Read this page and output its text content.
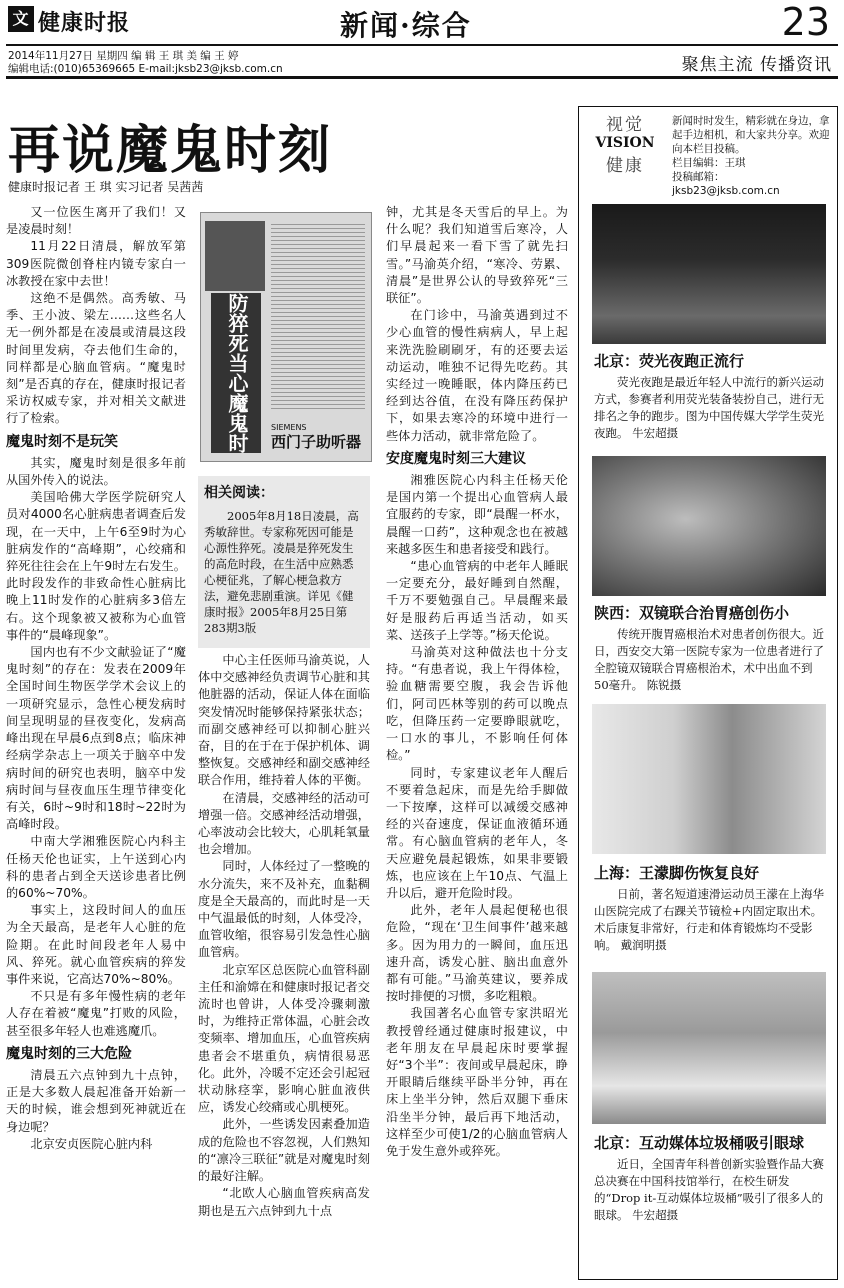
文 健康时报	新闻·综合	23
2014年11月27日 星期四 编 辑 王 琪 美 编 王 婷
编辑电话:(010)65369665 E-mail:jksb23@jksb.com.cn	聚焦主流 传播资讯
再说魔鬼时刻
健康时报记者 王 琪 实习记者 吴茜茜

又一位医生离开了我们！又是凌晨时刻！

11月22日清晨，解放军第309医院微创脊柱内镜专家白一冰教授在家中去世！

这绝不是偶然。高秀敏、马季、王小波、梁左……这些名人无一例外都是在凌晨或清晨这段时间里发病，夺去他们生命的，同样都是心脑血管病。“魔鬼时刻”是否真的存在，健康时报记者采访权威专家，并对相关文献进行了检索。

魔鬼时刻不是玩笑

其实，魔鬼时刻是很多年前从国外传入的说法。

美国哈佛大学医学院研究人员对4000名心脏病患者调查后发现，在一天中，上午6至9时为心脏病发作的“高峰期”，心绞痛和猝死往往会在上午9时左右发生。此时段发作的非致命性心脏病比晚上11时发作的心脏病多3倍左右。这个现象被又被称为心血管事件的“晨峰现象”。

国内也有不少文献验证了“魔鬼时刻”的存在：发表在2009年全国时间生物医学学术会议上的一项研究显示，急性心梗发病时间呈现明显的昼夜变化，发病高峰出现在早晨6点到8点；临床神经病学杂志上一项关于脑卒中发病时间的研究也表明，脑卒中发病时间与昼夜血压生理节律变化有关，6时~9时和18时~22时为高峰时段。

中南大学湘雅医院心内科主任杨天伦也证实，上午送到心内科的患者占到全天送诊患者比例的60%~70%。

事实上，这段时间人的血压为全天最高，是老年人心脏的危险期。在此时间段老年人易中风、猝死。就心血管疾病的猝发事件来说，它高达70%~80%。

不只是有多年慢性病的老年人存在着被“魔鬼”打败的风险，甚至很多年轻人也难逃魔爪。

魔鬼时刻的三大危险

清晨五六点钟到九十点钟，正是大多数人晨起准备开始新一天的时候，谁会想到死神就近在身边呢？

北京安贞医院心脏内科

防猝死当心魔鬼时刻
SIEMENS
西门子助听器
相关阅读：
2005年8月18日凌晨，高秀敏辞世。专家称死因可能是心源性猝死。凌晨是猝死发生的高危时段，在生活中应熟悉心梗征兆，了解心梗急救方法，避免悲剧重演。详见《健康时报》2005年8月25日第283期3版

中心主任医师马渝英说，人体中交感神经负责调节心脏和其他脏器的活动，保证人体在面临突发情况时能够保持紧张状态；而副交感神经可以抑制心脏兴奋，目的在于在于保护机体、调整恢复。交感神经和副交感神经联合作用，维持着人体的平衡。

在清晨，交感神经的活动可增强一倍。交感神经活动增强，心率波动会比较大，心肌耗氧量也会增加。

同时，人体经过了一整晚的水分流失，来不及补充，血黏稠度是全天最高的，而此时是一天中气温最低的时刻，人体受冷，血管收缩，很容易引发急性心脑血管病。

北京军区总医院心血管科副主任和渝嫦在和健康时报记者交流时也曾讲，人体受冷骤刺激时，为维持正常体温，心脏会改变频率、增加血压，心血管疾病患者会不堪重负，病情很易恶化。此外，冷暖不定还会引起冠状动脉痉挛，影响心脏血液供应，诱发心绞痛或心肌梗死。

此外，一些诱发因素叠加造成的危险也不容忽视，人们熟知的“凛冷三联征”就是对魔鬼时刻的最好注解。

“北欧人心脑血管疾病高发期也是五六点钟到九十点

钟，尤其是冬天雪后的早上。为什么呢？我们知道雪后寒冷，人们早晨起来一看下雪了就先扫雪。”马渝英介绍，“寒冷、劳累、清晨”是世界公认的导致猝死“三联征”。

在门诊中，马渝英遇到过不少心血管的慢性病病人，早上起来洗洗脸刷刷牙，有的还要去运动运动，唯独不记得先吃药。其实经过一晚睡眠，体内降压药已经到达谷值，在没有降压药保护下，如果去寒冷的环境中进行一些体力活动，就非常危险了。

安度魔鬼时刻三大建议

湘雅医院心内科主任杨天伦是国内第一个提出心血管病人最宜服药的专家，即“晨醒一杯水，晨醒一口药”，这种观念也在被越来越多医生和患者接受和践行。

“患心血管病的中老年人睡眠一定要充分，最好睡到自然醒，千万不要勉强自己。早晨醒来最好是服药后再适当活动，如买菜、送孩子上学等。”杨天伦说。

马渝英对这种做法也十分支持。“有患者说，我上午得体检，验血糖需要空腹，我会告诉他们，阿司匹林等别的药可以晚点吃，但降压药一定要睁眼就吃，一口水的事儿，不影响任何体检。”

同时，专家建议老年人醒后不要着急起床，而是先给手脚做一下按摩，这样可以减缓交感神经的兴奋速度，保证血液循环通常。有心脑血管病的老年人，冬天应避免晨起锻炼，如果非要锻炼，也应该在上午10点、气温上升以后，避开危险时段。

此外，老年人晨起便秘也很危险，“现在‘卫生间事件’越来越多。因为用力的一瞬间，血压迅速升高，诱发心脏、脑出血意外都有可能。”马渝英建议，要养成按时排便的习惯，多吃粗粮。

我国著名心血管专家洪昭光教授曾经通过健康时报建议，中老年朋友在早晨起床时要掌握好“3个半”：夜间或早晨起床，睁开眼睛后继续平卧半分钟，再在床上坐半分钟，然后双腿下垂床沿坐半分钟，最后再下地活动，这样至少可使1/2的心脑血管病人免于发生意外或猝死。

视觉
VISION
健康
新闻时时发生，精彩就在身边，拿起手边相机，和大家共分享。欢迎向本栏目投稿。
栏目编辑：王琪
投稿邮箱：jksb23@jksb.com.cn
北京：荧光夜跑正流行
荧光夜跑是最近年轻人中流行的新兴运动方式，参赛者利用荧光装备装扮自己，进行无排名之争的跑步。图为中国传媒大学学生荧光夜跑。 牛宏超摄
陕西：双镜联合治胃癌创伤小
传统开腹胃癌根治术对患者创伤很大。近日，西安交大第一医院专家为一位患者进行了全腔镜双镜联合胃癌根治术，术中出血不到50毫升。 陈锐摄
上海：王濛脚伤恢复良好
日前，著名短道速滑运动员王濛在上海华山医院完成了右踝关节镜检+内固定取出术。术后康复非常好，行走和体育锻炼均不受影响。 戴润明摄
北京：互动媒体垃圾桶吸引眼球
近日，全国青年科普创新实验暨作品大赛总决赛在中国科技馆举行，在校生研发的“Drop it-互动媒体垃圾桶”吸引了很多人的眼球。 牛宏超摄
